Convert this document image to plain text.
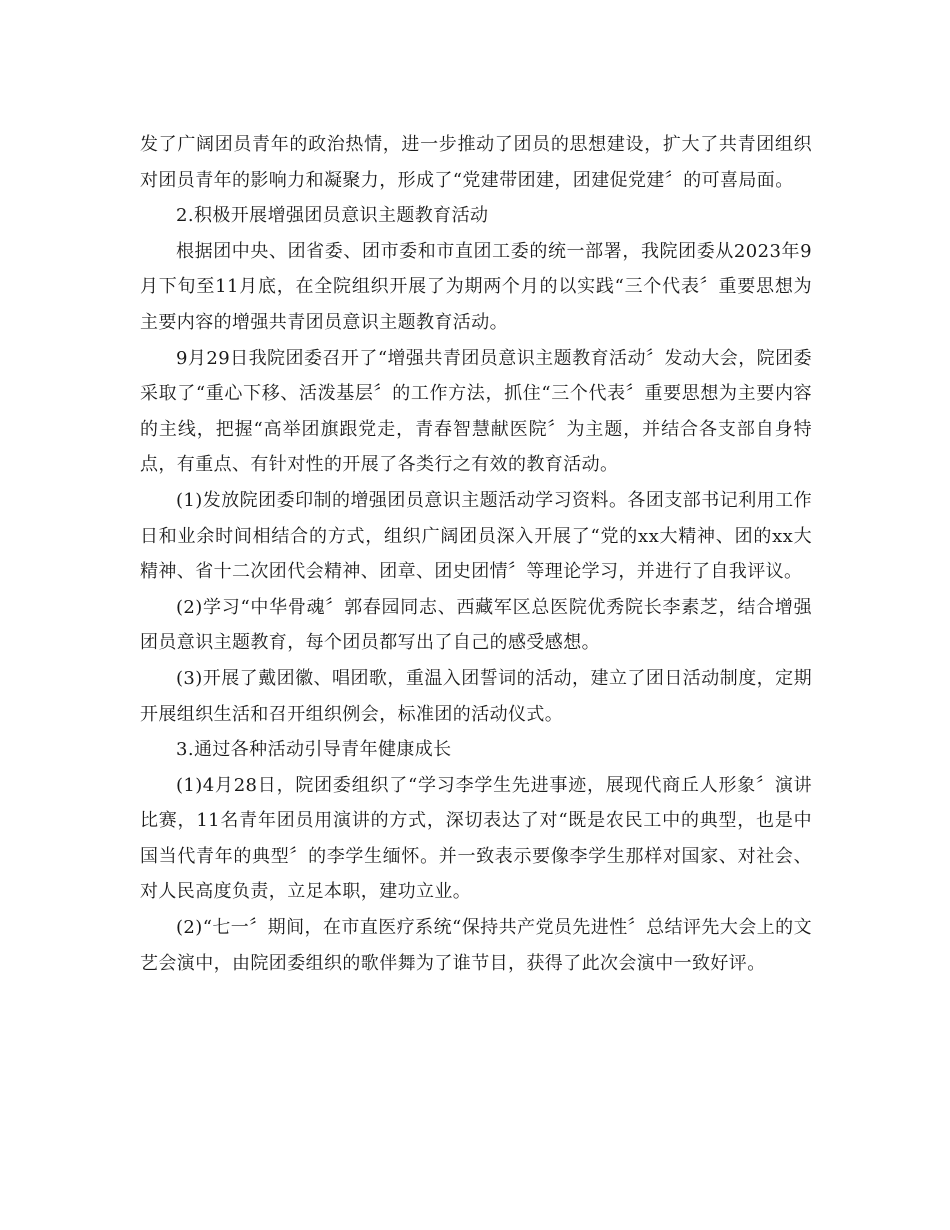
发了广阔团员青年的政治热情，进一步推动了团员的思想建设，扩大了共青团组织对团员青年的影响力和凝聚力，形成了“党建带团建，团建促党建〞的可喜局面。

2.积极开展增强团员意识主题教育活动

根据团中央、团省委、团市委和市直团工委的统一部署，我院团委从2023年9月下旬至11月底，在全院组织开展了为期两个月的以实践“三个代表〞重要思想为主要内容的增强共青团员意识主题教育活动。

9月29日我院团委召开了“增强共青团员意识主题教育活动〞发动大会，院团委采取了“重心下移、活泼基层〞的工作方法，抓住“三个代表〞重要思想为主要内容的主线，把握“高举团旗跟党走，青春智慧献医院〞为主题，并结合各支部自身特点，有重点、有针对性的开展了各类行之有效的教育活动。

(1)发放院团委印制的增强团员意识主题活动学习资料。各团支部书记利用工作日和业余时间相结合的方式，组织广阔团员深入开展了“党的xx大精神、团的xx大精神、省十二次团代会精神、团章、团史团情〞等理论学习，并进行了自我评议。

(2)学习“中华骨魂〞郭春园同志、西藏军区总医院优秀院长李素芝，结合增强团员意识主题教育，每个团员都写出了自己的感受感想。

(3)开展了戴团徽、唱团歌，重温入团誓词的活动，建立了团日活动制度，定期开展组织生活和召开组织例会，标准团的活动仪式。

3.通过各种活动引导青年健康成长

(1)4月28日，院团委组织了“学习李学生先进事迹，展现代商丘人形象〞演讲比赛，11名青年团员用演讲的方式，深切表达了对“既是农民工中的典型，也是中国当代青年的典型〞的李学生缅怀。并一致表示要像李学生那样对国家、对社会、对人民高度负责，立足本职，建功立业。

(2)“七一〞期间，在市直医疗系统“保持共产党员先进性〞总结评先大会上的文艺会演中，由院团委组织的歌伴舞为了谁节目，获得了此次会演中一致好评。
